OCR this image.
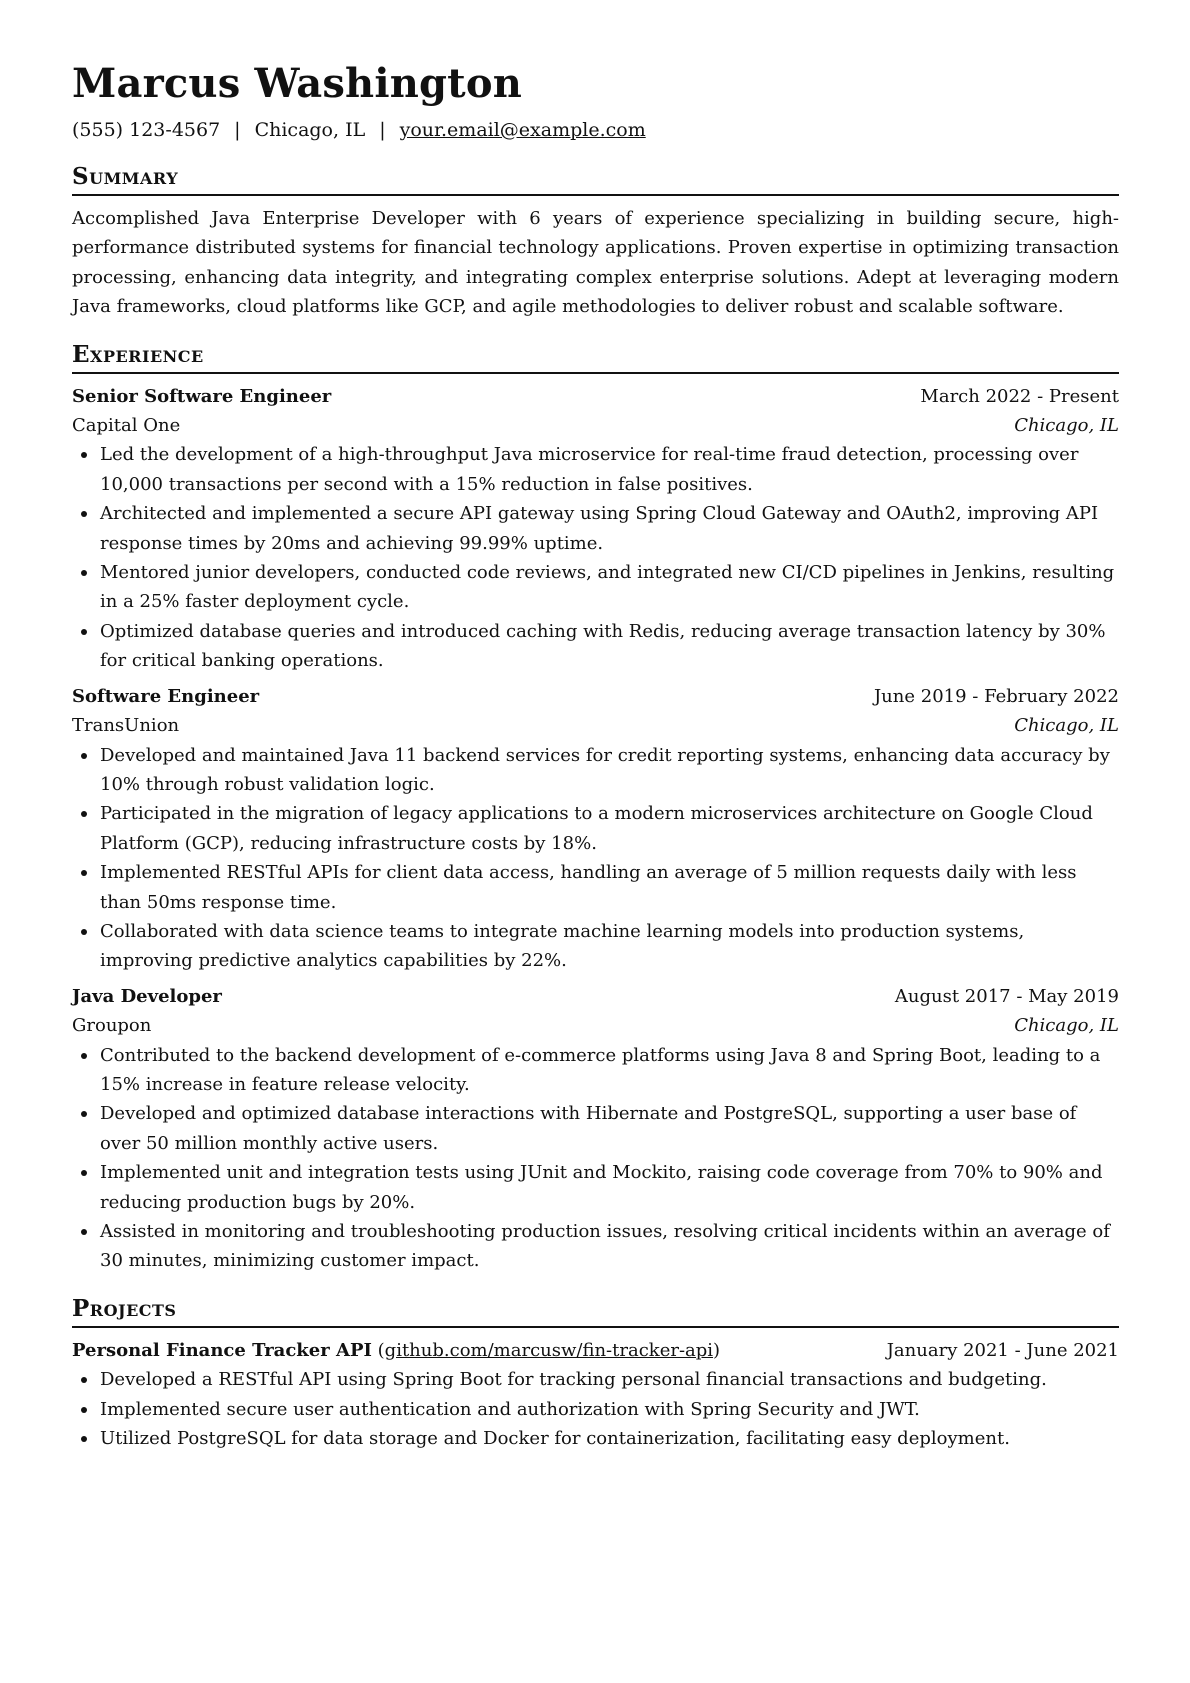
Marcus Washington
(555) 123-4567 | Chicago, IL | your.email@example.com
Summary

Accomplished Java Enterprise Developer with 6 years of experience specializing in building secure, high-performance distributed systems for financial technology applications. Proven expertise in optimizing transaction processing, enhancing data integrity, and integrating complex enterprise solutions. Adept at leveraging modern Java frameworks, cloud platforms like GCP, and agile methodologies to deliver robust and scalable software.

Experience
Senior Software Engineer	March 2022 - Present
Capital One	Chicago, IL
Led the development of a high-throughput Java microservice for real-time fraud detection, processing over 10,000 transactions per second with a 15% reduction in false positives.
Architected and implemented a secure API gateway using Spring Cloud Gateway and OAuth2, improving API response times by 20ms and achieving 99.99% uptime.
Mentored junior developers, conducted code reviews, and integrated new CI/CD pipelines in Jenkins, resulting in a 25% faster deployment cycle.
Optimized database queries and introduced caching with Redis, reducing average transaction latency by 30% for critical banking operations.
Software Engineer	June 2019 - February 2022
TransUnion	Chicago, IL
Developed and maintained Java 11 backend services for credit reporting systems, enhancing data accuracy by 10% through robust validation logic.
Participated in the migration of legacy applications to a modern microservices architecture on Google Cloud Platform (GCP), reducing infrastructure costs by 18%.
Implemented RESTful APIs for client data access, handling an average of 5 million requests daily with less than 50ms response time.
Collaborated with data science teams to integrate machine learning models into production systems, improving predictive analytics capabilities by 22%.
Java Developer	August 2017 - May 2019
Groupon	Chicago, IL
Contributed to the backend development of e-commerce platforms using Java 8 and Spring Boot, leading to a 15% increase in feature release velocity.
Developed and optimized database interactions with Hibernate and PostgreSQL, supporting a user base of over 50 million monthly active users.
Implemented unit and integration tests using JUnit and Mockito, raising code coverage from 70% to 90% and reducing production bugs by 20%.
Assisted in monitoring and troubleshooting production issues, resolving critical incidents within an average of 30 minutes, minimizing customer impact.
Projects
Personal Finance Tracker API (github.com/marcusw/fin-tracker-api)	January 2021 - June 2021
Developed a RESTful API using Spring Boot for tracking personal financial transactions and budgeting.
Implemented secure user authentication and authorization with Spring Security and JWT.
Utilized PostgreSQL for data storage and Docker for containerization, facilitating easy deployment.
